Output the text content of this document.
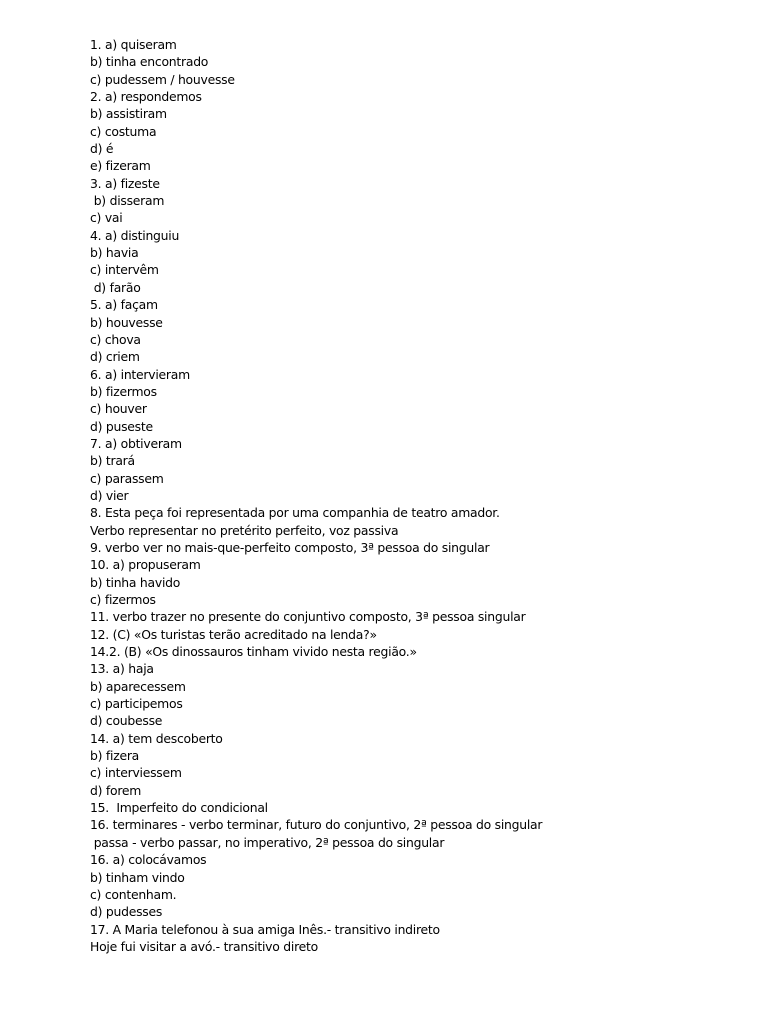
1. a) quiseram
b) tinha encontrado
c) pudessem / houvesse
2. a) respondemos
b) assistiram
c) costuma
d) é
e) fizeram
3. a) fizeste
b) disseram
c) vai
4. a) distinguiu
b) havia
c) intervêm
d) farão
5. a) façam
b) houvesse
c) chova
d) criem
6. a) intervieram
b) fizermos
c) houver
d) puseste
7. a) obtiveram
b) trará
c) parassem
d) vier
8. Esta peça foi representada por uma companhia de teatro amador.
Verbo representar no pretérito perfeito, voz passiva
9. verbo ver no mais-que-perfeito composto, 3ª pessoa do singular
10. a) propuseram
b) tinha havido
c) fizermos
11. verbo trazer no presente do conjuntivo composto, 3ª pessoa singular
12. (C) «Os turistas terão acreditado na lenda?»
14.2. (B) «Os dinossauros tinham vivido nesta região.»
13. a) haja
b) aparecessem
c) participemos
d) coubesse
14. a) tem descoberto
b) fizera
c) interviessem
d) forem
15.  Imperfeito do condicional
16. terminares - verbo terminar, futuro do conjuntivo, 2ª pessoa do singular
passa - verbo passar, no imperativo, 2ª pessoa do singular
16. a) colocávamos
b) tinham vindo
c) contenham.
d) pudesses
17. A Maria telefonou à sua amiga Inês.- transitivo indireto
Hoje fui visitar a avó.- transitivo direto
